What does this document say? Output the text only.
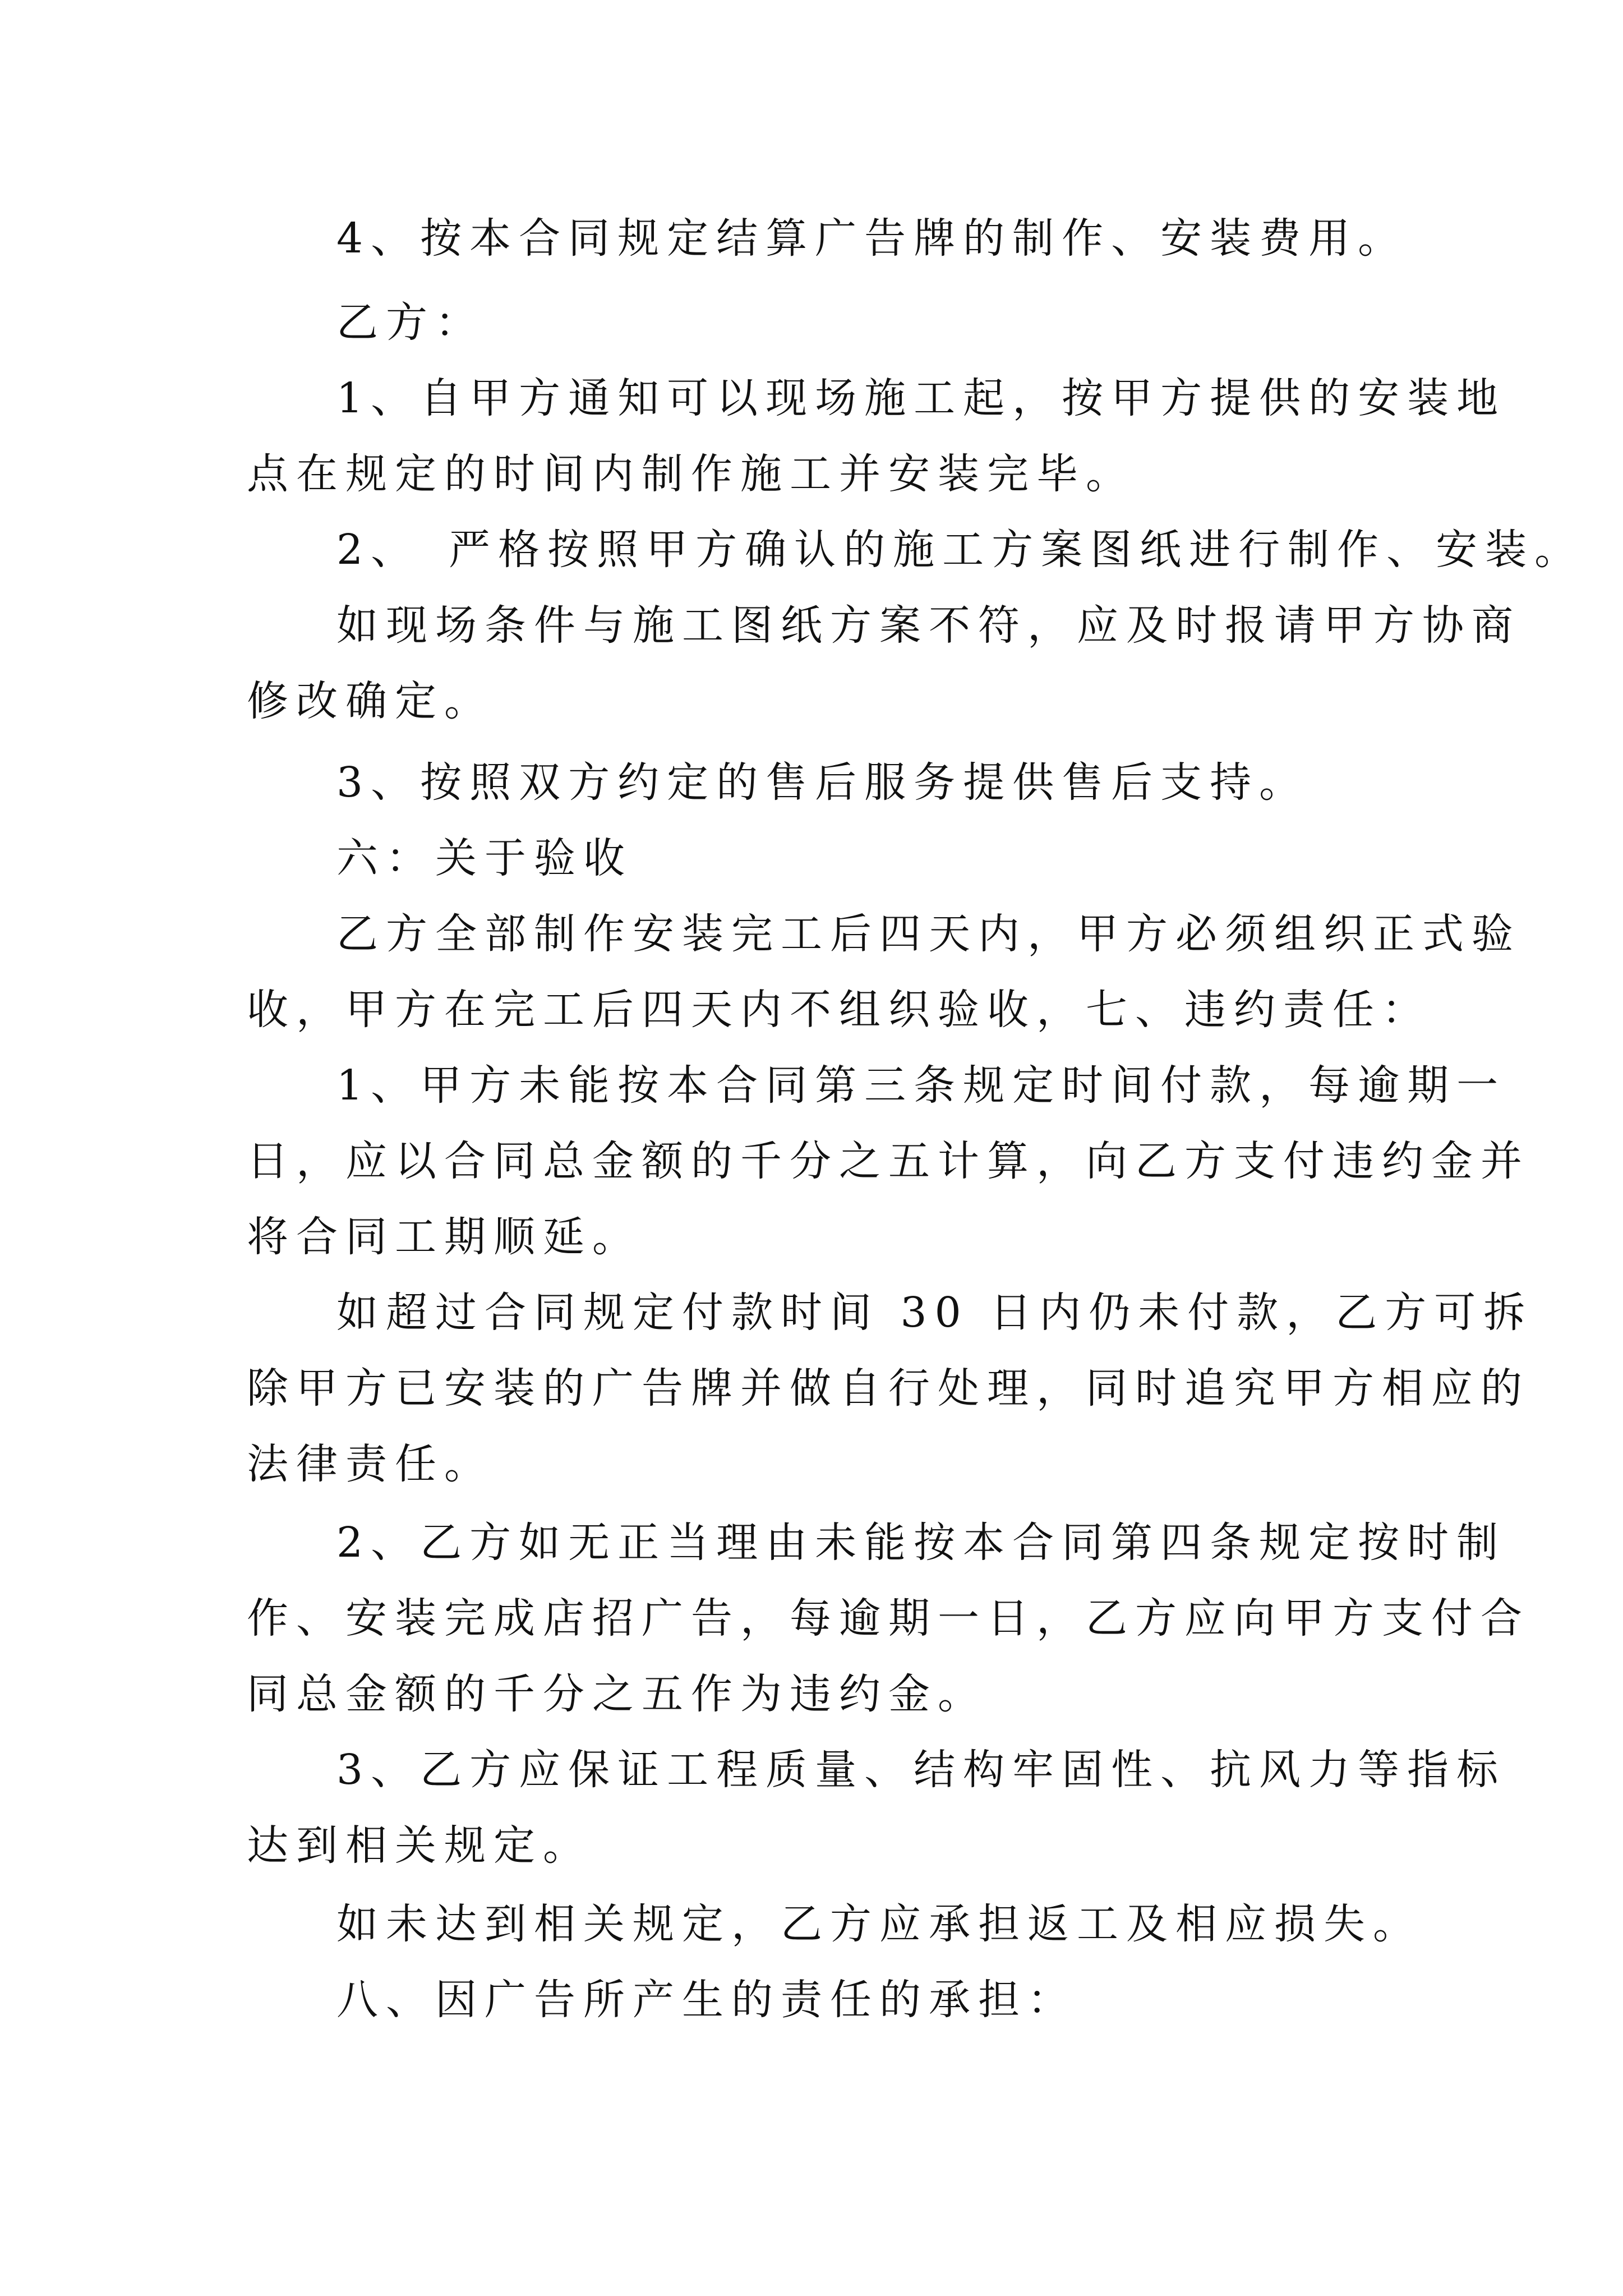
4、按本合同规定结算广告牌的制作、安装费用。
乙方：
1、自甲方通知可以现场施工起，按甲方提供的安装地
点在规定的时间内制作施工并安装完毕。
2、　严格按照甲方确认的施工方案图纸进行制作、安装。
如现场条件与施工图纸方案不符，应及时报请甲方协商
修改确定。
3、按照双方约定的售后服务提供售后支持。
六：关于验收
乙方全部制作安装完工后四天内，甲方必须组织正式验
收，甲方在完工后四天内不组织验收，七、违约责任：
1、甲方未能按本合同第三条规定时间付款，每逾期一
日，应以合同总金额的千分之五计算，向乙方支付违约金并
将合同工期顺延。
如超过合同规定付款时间 30 日内仍未付款，乙方可拆
除甲方已安装的广告牌并做自行处理，同时追究甲方相应的
法律责任。
2、乙方如无正当理由未能按本合同第四条规定按时制
作、安装完成店招广告，每逾期一日，乙方应向甲方支付合
同总金额的千分之五作为违约金。
3、乙方应保证工程质量、结构牢固性、抗风力等指标
达到相关规定。
如未达到相关规定，乙方应承担返工及相应损失。
八、因广告所产生的责任的承担：
